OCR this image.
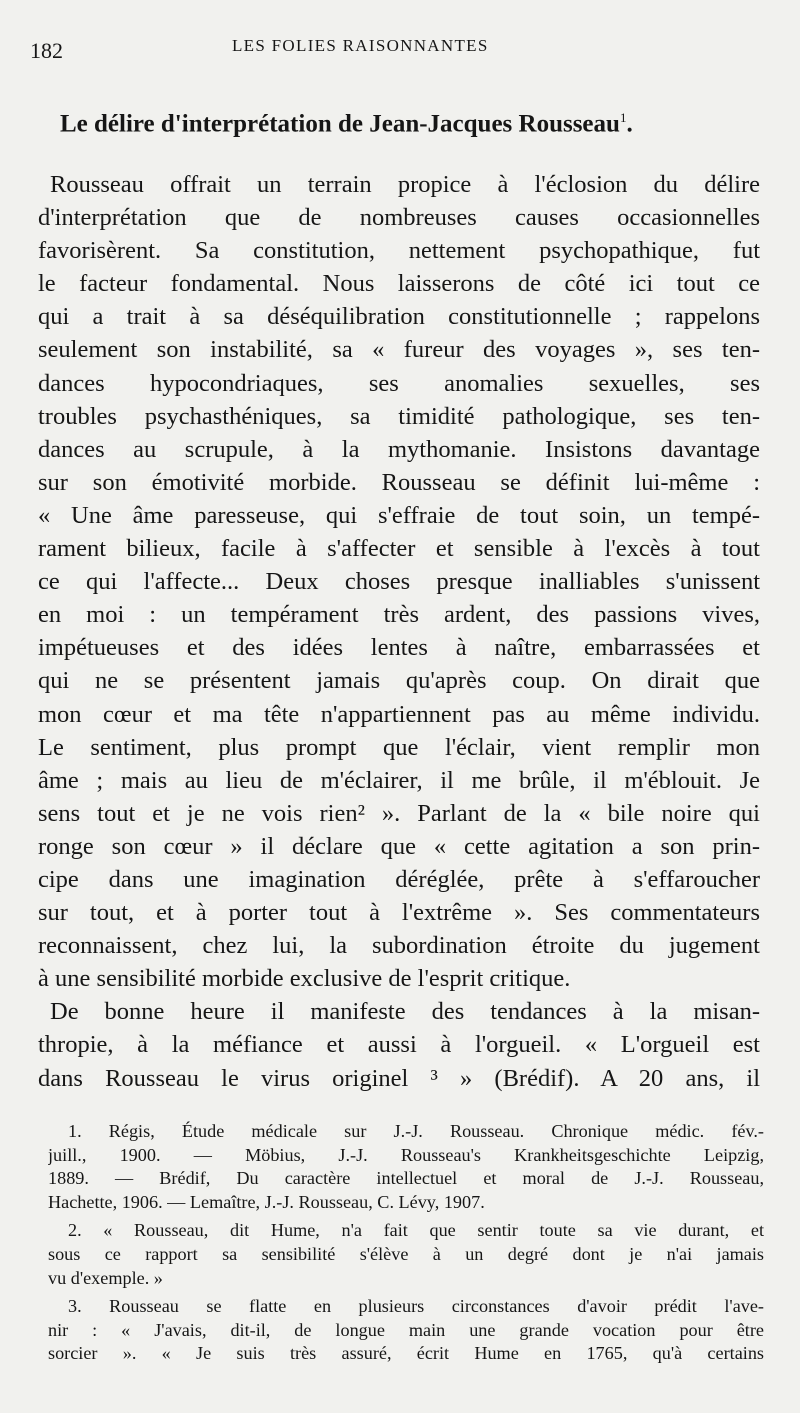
182	LES FOLIES RAISONNANTES
Le délire d'interprétation de Jean-Jacques Rousseau$^1$.
Rousseau offrait un terrain propice à l'éclosion du délire
d'interprétation que de nombreuses causes occasionnelles
favorisèrent. Sa constitution, nettement psychopathique, fut
le facteur fondamental. Nous laisserons de côté ici tout ce
qui a trait à sa déséquilibration constitutionnelle ; rappelons
seulement son instabilité, sa « fureur des voyages », ses ten-
dances hypocondriaques, ses anomalies sexuelles, ses
troubles psychasthéniques, sa timidité pathologique, ses ten-
dances au scrupule, à la mythomanie. Insistons davantage
sur son émotivité morbide. Rousseau se définit lui-même :
« Une âme paresseuse, qui s'effraie de tout soin, un tempé-
rament bilieux, facile à s'affecter et sensible à l'excès à tout
ce qui l'affecte... Deux choses presque inalliables s'unissent
en moi : un tempérament très ardent, des passions vives,
impétueuses et des idées lentes à naître, embarrassées et
qui ne se présentent jamais qu'après coup. On dirait que
mon cœur et ma tête n'appartiennent pas au même individu.
Le sentiment, plus prompt que l'éclair, vient remplir mon
âme ; mais au lieu de m'éclairer, il me brûle, il m'éblouit. Je
sens tout et je ne vois rien² ». Parlant de la « bile noire qui
ronge son cœur » il déclare que « cette agitation a son prin-
cipe dans une imagination déréglée, prête à s'effaroucher
sur tout, et à porter tout à l'extrême ». Ses commentateurs
reconnaissent, chez lui, la subordination étroite du jugement
à une sensibilité morbide exclusive de l'esprit critique.
De bonne heure il manifeste des tendances à la misan-
thropie, à la méfiance et aussi à l'orgueil. « L'orgueil est
dans Rousseau le virus originel ³ » (Brédif). A 20 ans, il
1. Régis, Étude médicale sur J.-J. Rousseau. Chronique médic. fév.-
juill., 1900. — Möbius, J.-J. Rousseau's Krankheitsgeschichte Leipzig,
1889. — Brédif, Du caractère intellectuel et moral de J.-J. Rousseau,
Hachette, 1906. — Lemaître, J.-J. Rousseau, C. Lévy, 1907.
2. « Rousseau, dit Hume, n'a fait que sentir toute sa vie durant, et
sous ce rapport sa sensibilité s'élève à un degré dont je n'ai jamais
vu d'exemple. »
3. Rousseau se flatte en plusieurs circonstances d'avoir prédit l'ave-
nir : « J'avais, dit-il, de longue main une grande vocation pour être
sorcier ». « Je suis très assuré, écrit Hume en 1765, qu'à certains
